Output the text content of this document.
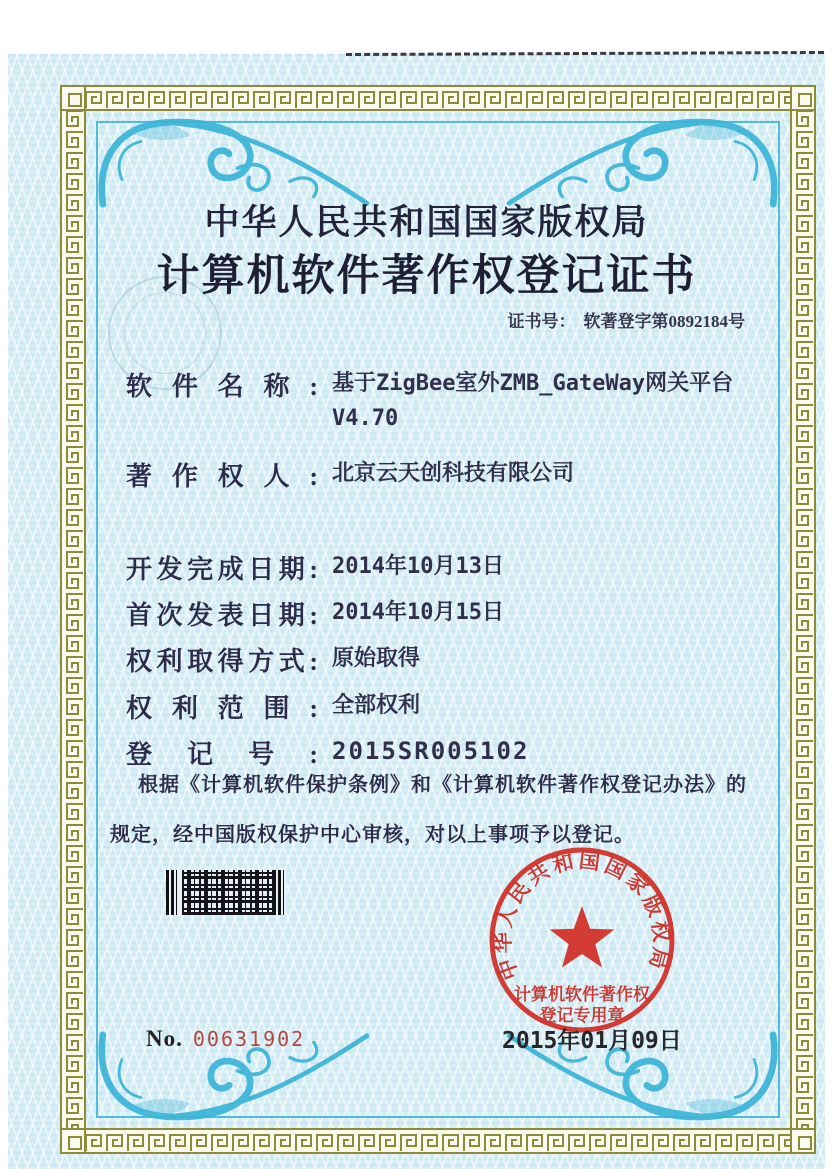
中华人民共和国国家版权局
计算机软件著作权登记证书
证书号： 软著登字第0892184号

软件名称: 基于ZigBee室外ZMB_GateWay网关平台
V4.70

著作权人: 北京云天创科技有限公司

开发完成日期: 2014年10月13日

首次发表日期: 2014年10月15日

权利取得方式: 原始取得

权利范围: 全部权利

登记号: 2015SR005102

根据《计算机软件保护条例》和《计算机软件著作权登记办法》的
规定，经中国版权保护中心审核，对以上事项予以登记。
中华人民共和国国家版权局
计算机软件著作权
登记专用章
2015年01月09日
No. 00631902
